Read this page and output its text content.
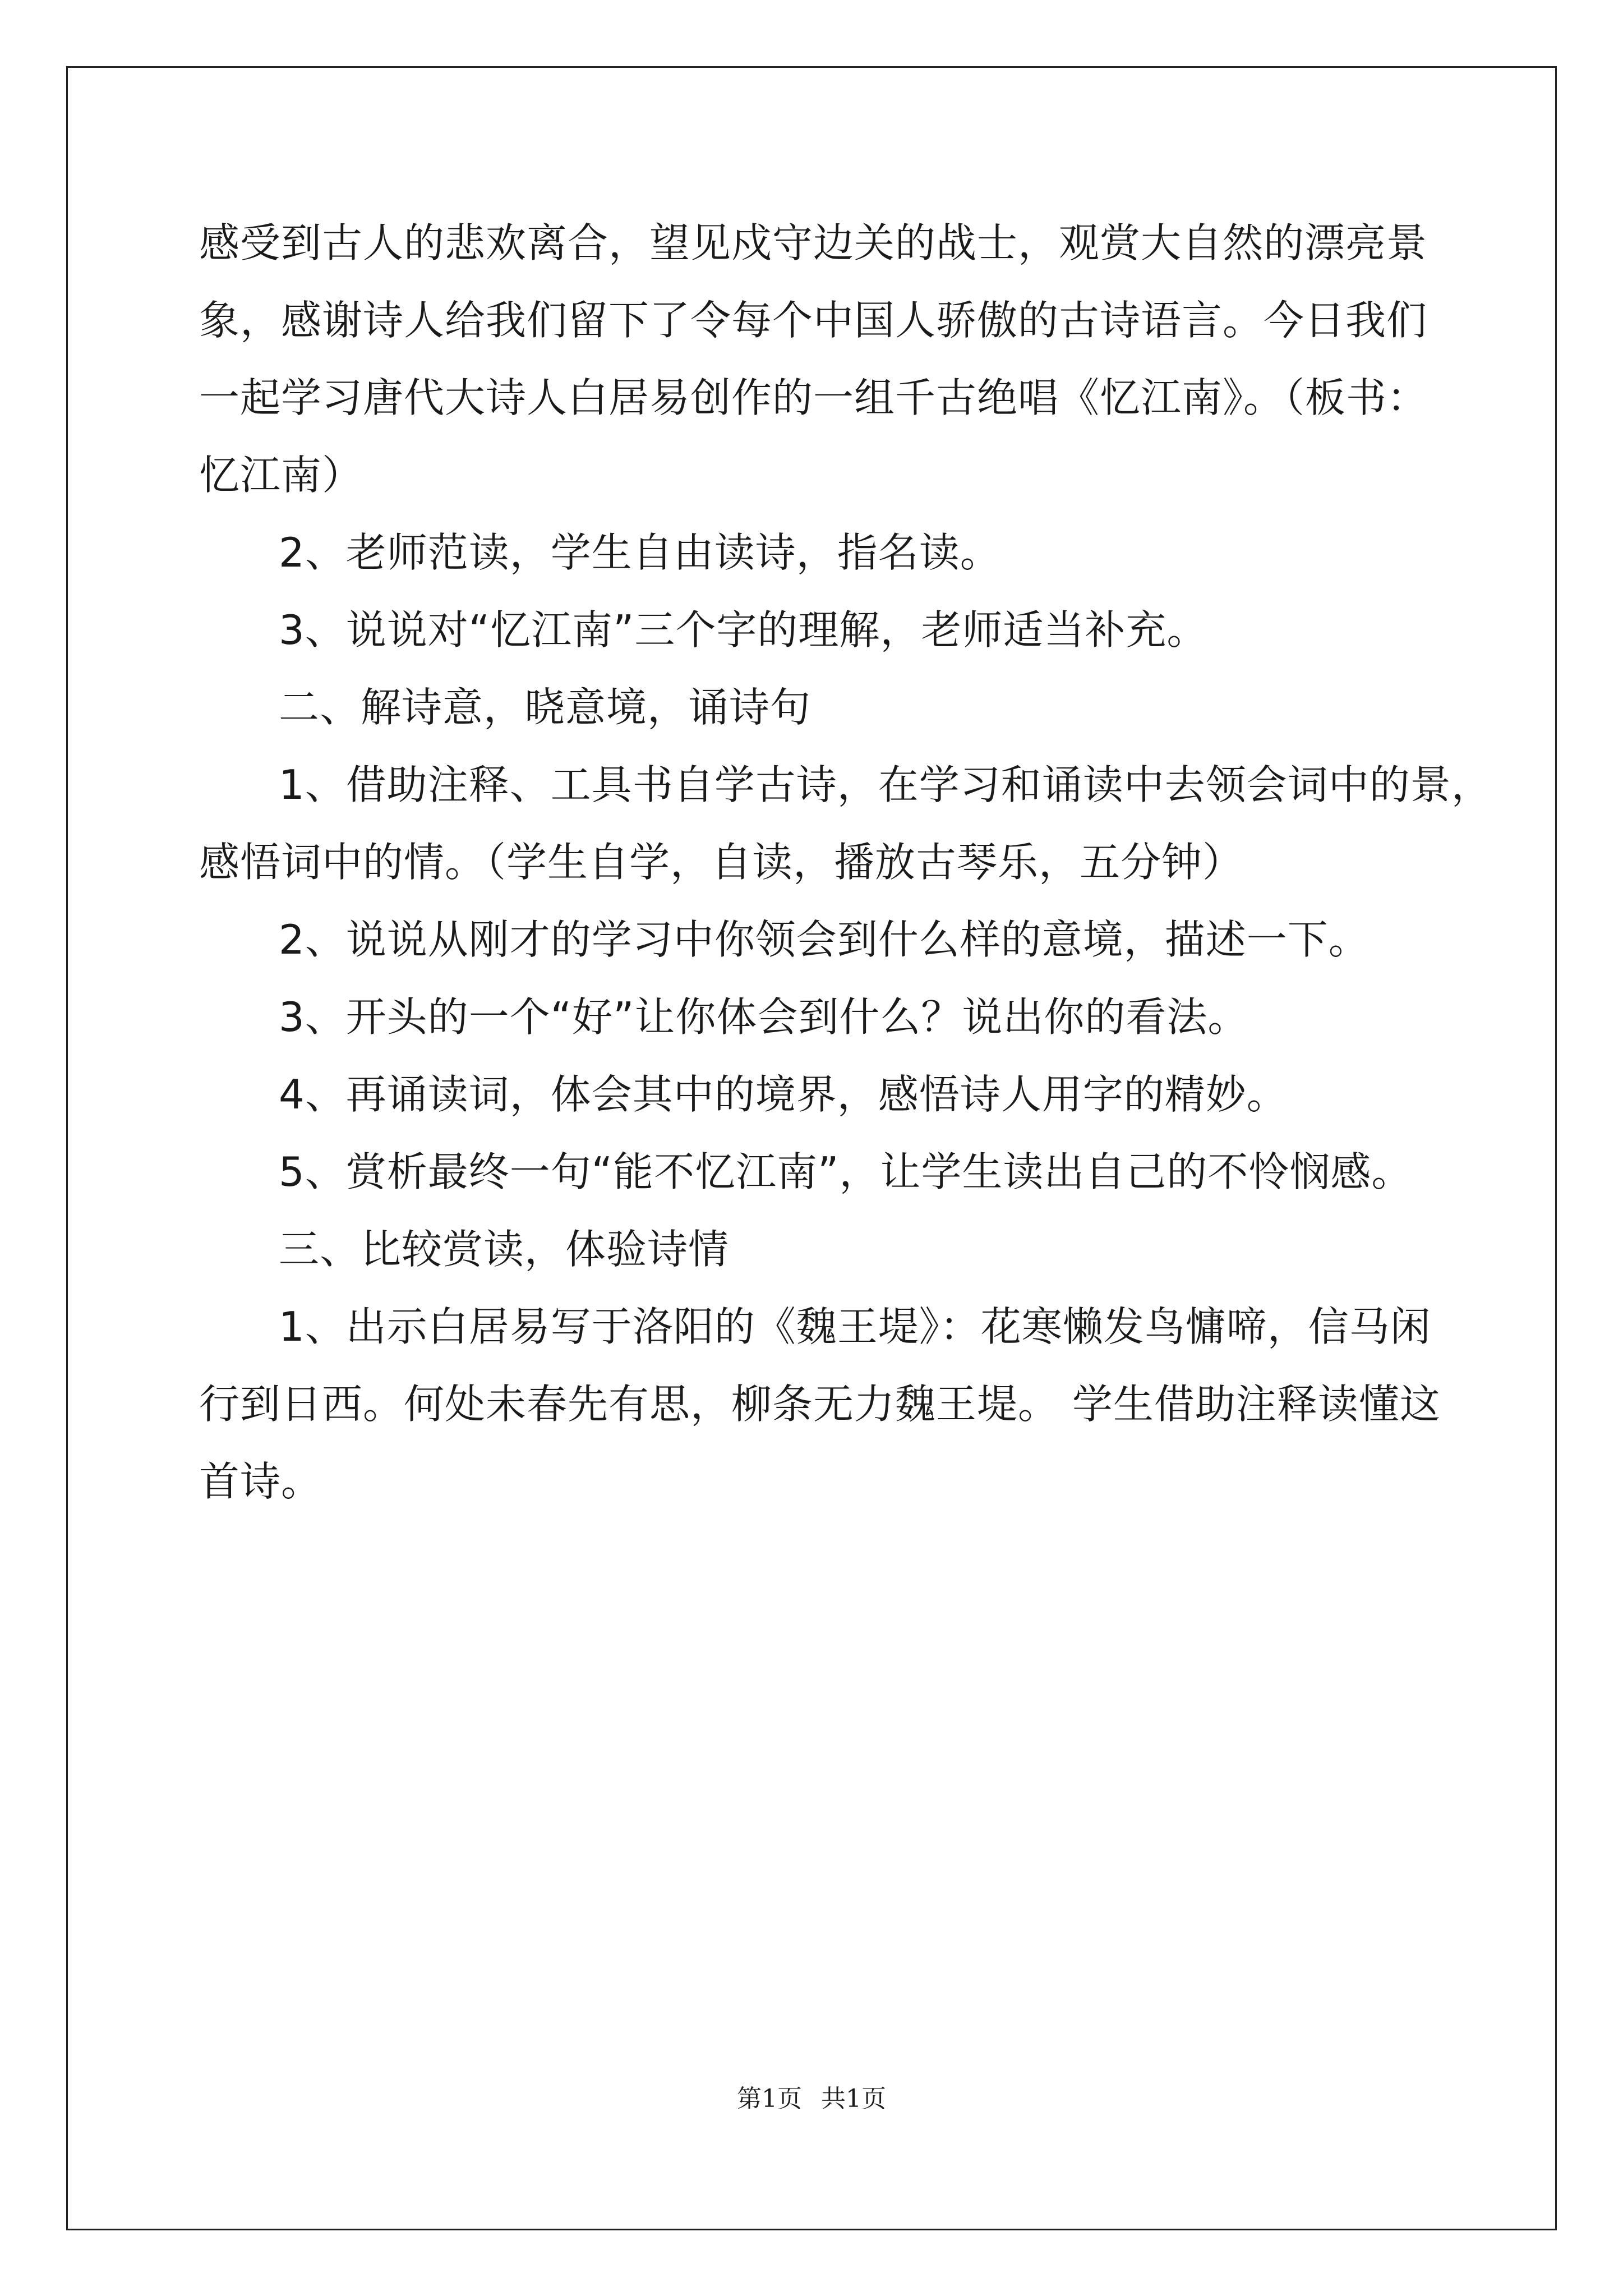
感受到古人的悲欢离合，望见戍守边关的战士，观赏大自然的漂亮景
象，感谢诗人给我们留下了令每个中国人骄傲的古诗语言。今日我们
一起学习唐代大诗人白居易创作的一组千古绝唱《忆江南》。（板书：
忆江南）
2、老师范读，学生自由读诗，指名读。
3、说说对“忆江南”三个字的理解，老师适当补充。
二、解诗意，晓意境，诵诗句
1、借助注释、工具书自学古诗，在学习和诵读中去领会词中的景，
感悟词中的情。（学生自学，自读，播放古琴乐，五分钟）
2、说说从刚才的学习中你领会到什么样的意境，描述一下。
3、开头的一个“好”让你体会到什么？说出你的看法。
4、再诵读词，体会其中的境界，感悟诗人用字的精妙。
5、赏析最终一句“能不忆江南”，让学生读出自己的不怜悯感。
三、比较赏读，体验诗情
1、出示白居易写于洛阳的《魏王堤》：花寒懒发鸟慵啼，信马闲
行到日西。何处未春先有思，柳条无力魏王堤。 学生借助注释读懂这
首诗。
第1页 共1页
